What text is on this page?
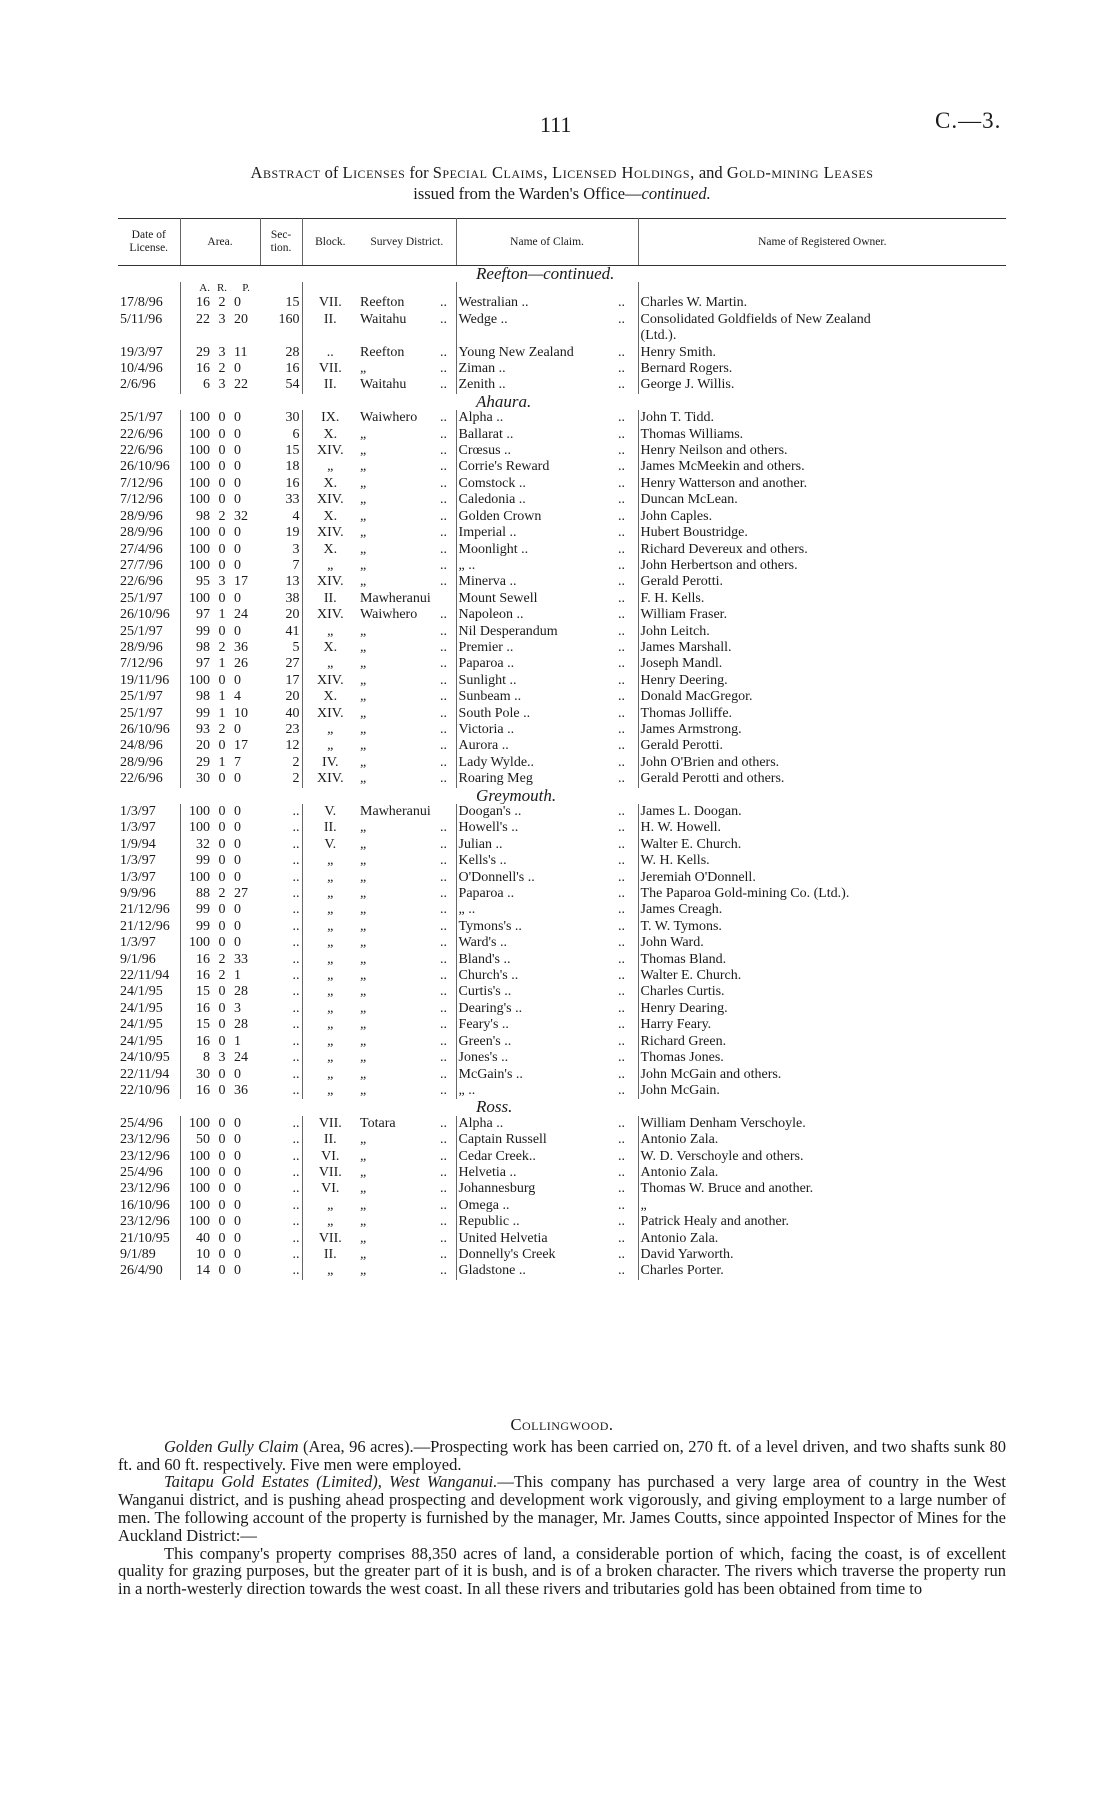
111	C.—3.
Abstract of Licenses for Special Claims, Licensed Holdings, and Gold-mining Leases
issued from the Warden's Office—continued.
Date of License.	Area.			Sec-tion.	Block.	Survey District.		Name of Claim.		Name of Registered Owner.
								Reefton—continued.		
	A.	R.	P.							
17/8/96	16	2	0	15	VII.	Reefton	..	Westralian ..	..	Charles W. Martin.
5/11/96	22	3	20	160	II.	Waitahu	..	Wedge ..	..	Consolidated Goldfields of New Zealand
										(Ltd.).
19/3/97	29	3	11	28	..	Reefton	..	Young New Zealand	..	Henry Smith.
10/4/96	16	2	0	16	VII.	„	..	Ziman ..	..	Bernard Rogers.
2/6/96	6	3	22	54	II.	Waitahu	..	Zenith ..	..	George J. Willis.
								Ahaura.		
25/1/97	100	0	0	30	IX.	Waiwhero	..	Alpha ..	..	John T. Tidd.
22/6/96	100	0	0	6	X.	„	..	Ballarat ..	..	Thomas Williams.
22/6/96	100	0	0	15	XIV.	„	..	Crœsus ..	..	Henry Neilson and others.
26/10/96	100	0	0	18	„	„	..	Corrie's Reward	..	James McMeekin and others.
7/12/96	100	0	0	16	X.	„	..	Comstock ..	..	Henry Watterson and another.
7/12/96	100	0	0	33	XIV.	„	..	Caledonia ..	..	Duncan McLean.
28/9/96	98	2	32	4	X.	„	..	Golden Crown	..	John Caples.
28/9/96	100	0	0	19	XIV.	„	..	Imperial ..	..	Hubert Boustridge.
27/4/96	100	0	0	3	X.	„	..	Moonlight ..	..	Richard Devereux and others.
27/7/96	100	0	0	7	„	„	..	„ ..	..	John Herbertson and others.
22/6/96	95	3	17	13	XIV.	„	..	Minerva ..	..	Gerald Perotti.
25/1/97	100	0	0	38	II.	Mawheranui		Mount Sewell	..	F. H. Kells.
26/10/96	97	1	24	20	XIV.	Waiwhero	..	Napoleon ..	..	William Fraser.
25/1/97	99	0	0	41	„	„	..	Nil Desperandum	..	John Leitch.
28/9/96	98	2	36	5	X.	„	..	Premier ..	..	James Marshall.
7/12/96	97	1	26	27	„	„	..	Paparoa ..	..	Joseph Mandl.
19/11/96	100	0	0	17	XIV.	„	..	Sunlight ..	..	Henry Deering.
25/1/97	98	1	4	20	X.	„	..	Sunbeam ..	..	Donald MacGregor.
25/1/97	99	1	10	40	XIV.	„	..	South Pole ..	..	Thomas Jolliffe.
26/10/96	93	2	0	23	„	„	..	Victoria ..	..	James Armstrong.
24/8/96	20	0	17	12	„	„	..	Aurora ..	..	Gerald Perotti.
28/9/96	29	1	7	2	IV.	„	..	Lady Wylde..	..	John O'Brien and others.
22/6/96	30	0	0	2	XIV.	„	..	Roaring Meg	..	Gerald Perotti and others.
								Greymouth.		
1/3/97	100	0	0	..	V.	Mawheranui		Doogan's ..	..	James L. Doogan.
1/3/97	100	0	0	..	II.	„	..	Howell's ..	..	H. W. Howell.
1/9/94	32	0	0	..	V.	„	..	Julian ..	..	Walter E. Church.
1/3/97	99	0	0	..	„	„	..	Kells's ..	..	W. H. Kells.
1/3/97	100	0	0	..	„	„	..	O'Donnell's ..	..	Jeremiah O'Donnell.
9/9/96	88	2	27	..	„	„	..	Paparoa ..	..	The Paparoa Gold-mining Co. (Ltd.).
21/12/96	99	0	0	..	„	„	..	„ ..	..	James Creagh.
21/12/96	99	0	0	..	„	„	..	Tymons's ..	..	T. W. Tymons.
1/3/97	100	0	0	..	„	„	..	Ward's ..	..	John Ward.
9/1/96	16	2	33	..	„	„	..	Bland's ..	..	Thomas Bland.
22/11/94	16	2	1	..	„	„	..	Church's ..	..	Walter E. Church.
24/1/95	15	0	28	..	„	„	..	Curtis's ..	..	Charles Curtis.
24/1/95	16	0	3	..	„	„	..	Dearing's ..	..	Henry Dearing.
24/1/95	15	0	28	..	„	„	..	Feary's ..	..	Harry Feary.
24/1/95	16	0	1	..	„	„	..	Green's ..	..	Richard Green.
24/10/95	8	3	24	..	„	„	..	Jones's ..	..	Thomas Jones.
22/11/94	30	0	0	..	„	„	..	McGain's ..	..	John McGain and others.
22/10/96	16	0	36	..	„	„	..	„ ..	..	John McGain.
								Ross.		
25/4/96	100	0	0	..	VII.	Totara	..	Alpha ..	..	William Denham Verschoyle.
23/12/96	50	0	0	..	II.	„	..	Captain Russell	..	Antonio Zala.
23/12/96	100	0	0	..	VI.	„	..	Cedar Creek..	..	W. D. Verschoyle and others.
25/4/96	100	0	0	..	VII.	„	..	Helvetia ..	..	Antonio Zala.
23/12/96	100	0	0	..	VI.	„	..	Johannesburg	..	Thomas W. Bruce and another.
16/10/96	100	0	0	..	„	„	..	Omega ..	..	„
23/12/96	100	0	0	..	„	„	..	Republic ..	..	Patrick Healy and another.
21/10/95	40	0	0	..	VII.	„	..	United Helvetia	..	Antonio Zala.
9/1/89	10	0	0	..	II.	„	..	Donnelly's Creek	..	David Yarworth.
26/4/90	14	0	0	..	„	„	..	Gladstone ..	..	Charles Porter.

Collingwood.

Golden Gully Claim (Area, 96 acres).—Prospecting work has been carried on, 270 ft. of a level driven, and two shafts sunk 80 ft. and 60 ft. respectively. Five men were employed.

Taitapu Gold Estates (Limited), West Wanganui.—This company has purchased a very large area of country in the West Wanganui district, and is pushing ahead prospecting and development work vigorously, and giving employment to a large number of men. The following account of the property is furnished by the manager, Mr. James Coutts, since appointed Inspector of Mines for the Auckland District:—

This company's property comprises 88,350 acres of land, a considerable portion of which, facing the coast, is of excellent quality for grazing purposes, but the greater part of it is bush, and is of a broken character. The rivers which traverse the property run in a north-westerly direction towards the west coast. In all these rivers and tributaries gold has been obtained from time to
